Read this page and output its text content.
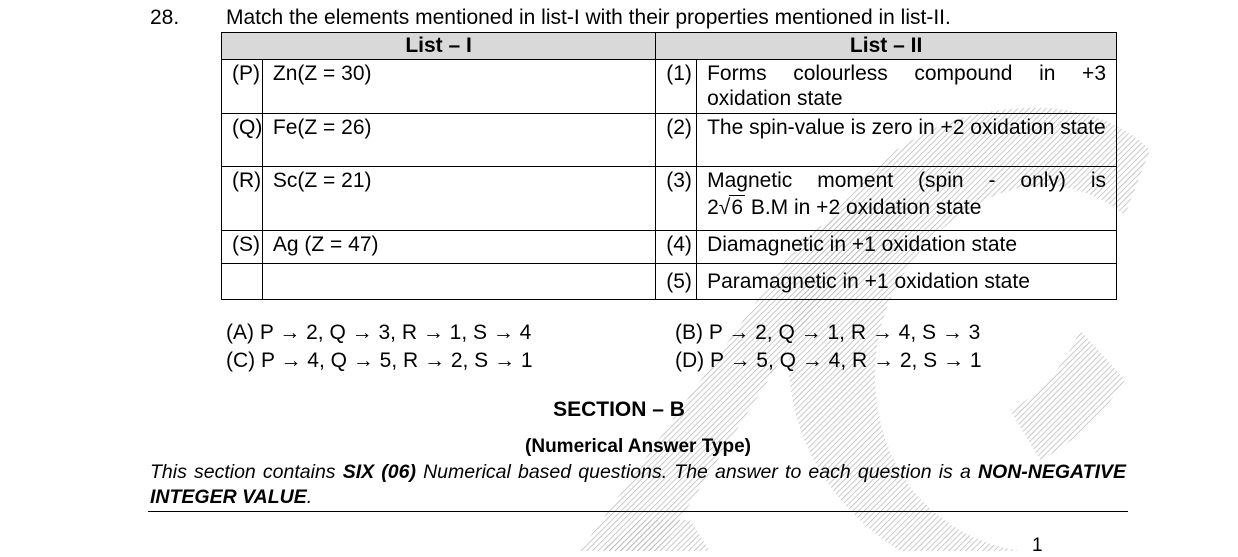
28. Match the elements mentioned in list-I with their properties mentioned in list-II.
List – I		List – II	
(P)	Zn(Z = 30)	(1)	Forms colourless compound in +3 oxidation state

(Q)	Fe(Z = 26)	(2)	The spin-value is zero in +2 oxidation state

(R)	Sc(Z = 21)	(3)	Magnetic moment (spin - only) is
2√6 B.M in +2 oxidation state

(S)	Ag (Z = 47)	(4)	Diamagnetic in +1 oxidation state
		(5)	Paramagnetic in +1 oxidation state
(A) P → 2, Q → 3, R → 1, S → 4
(C) P → 4, Q → 5, R → 2, S → 1
(B) P → 2, Q → 1, R → 4, S → 3
(D) P → 5, Q → 4, R → 2, S → 1
SECTION – B
(Numerical Answer Type)
This section contains SIX (06) Numerical based questions. The answer to each question is a NON-NEGATIVE INTEGER VALUE.
1
